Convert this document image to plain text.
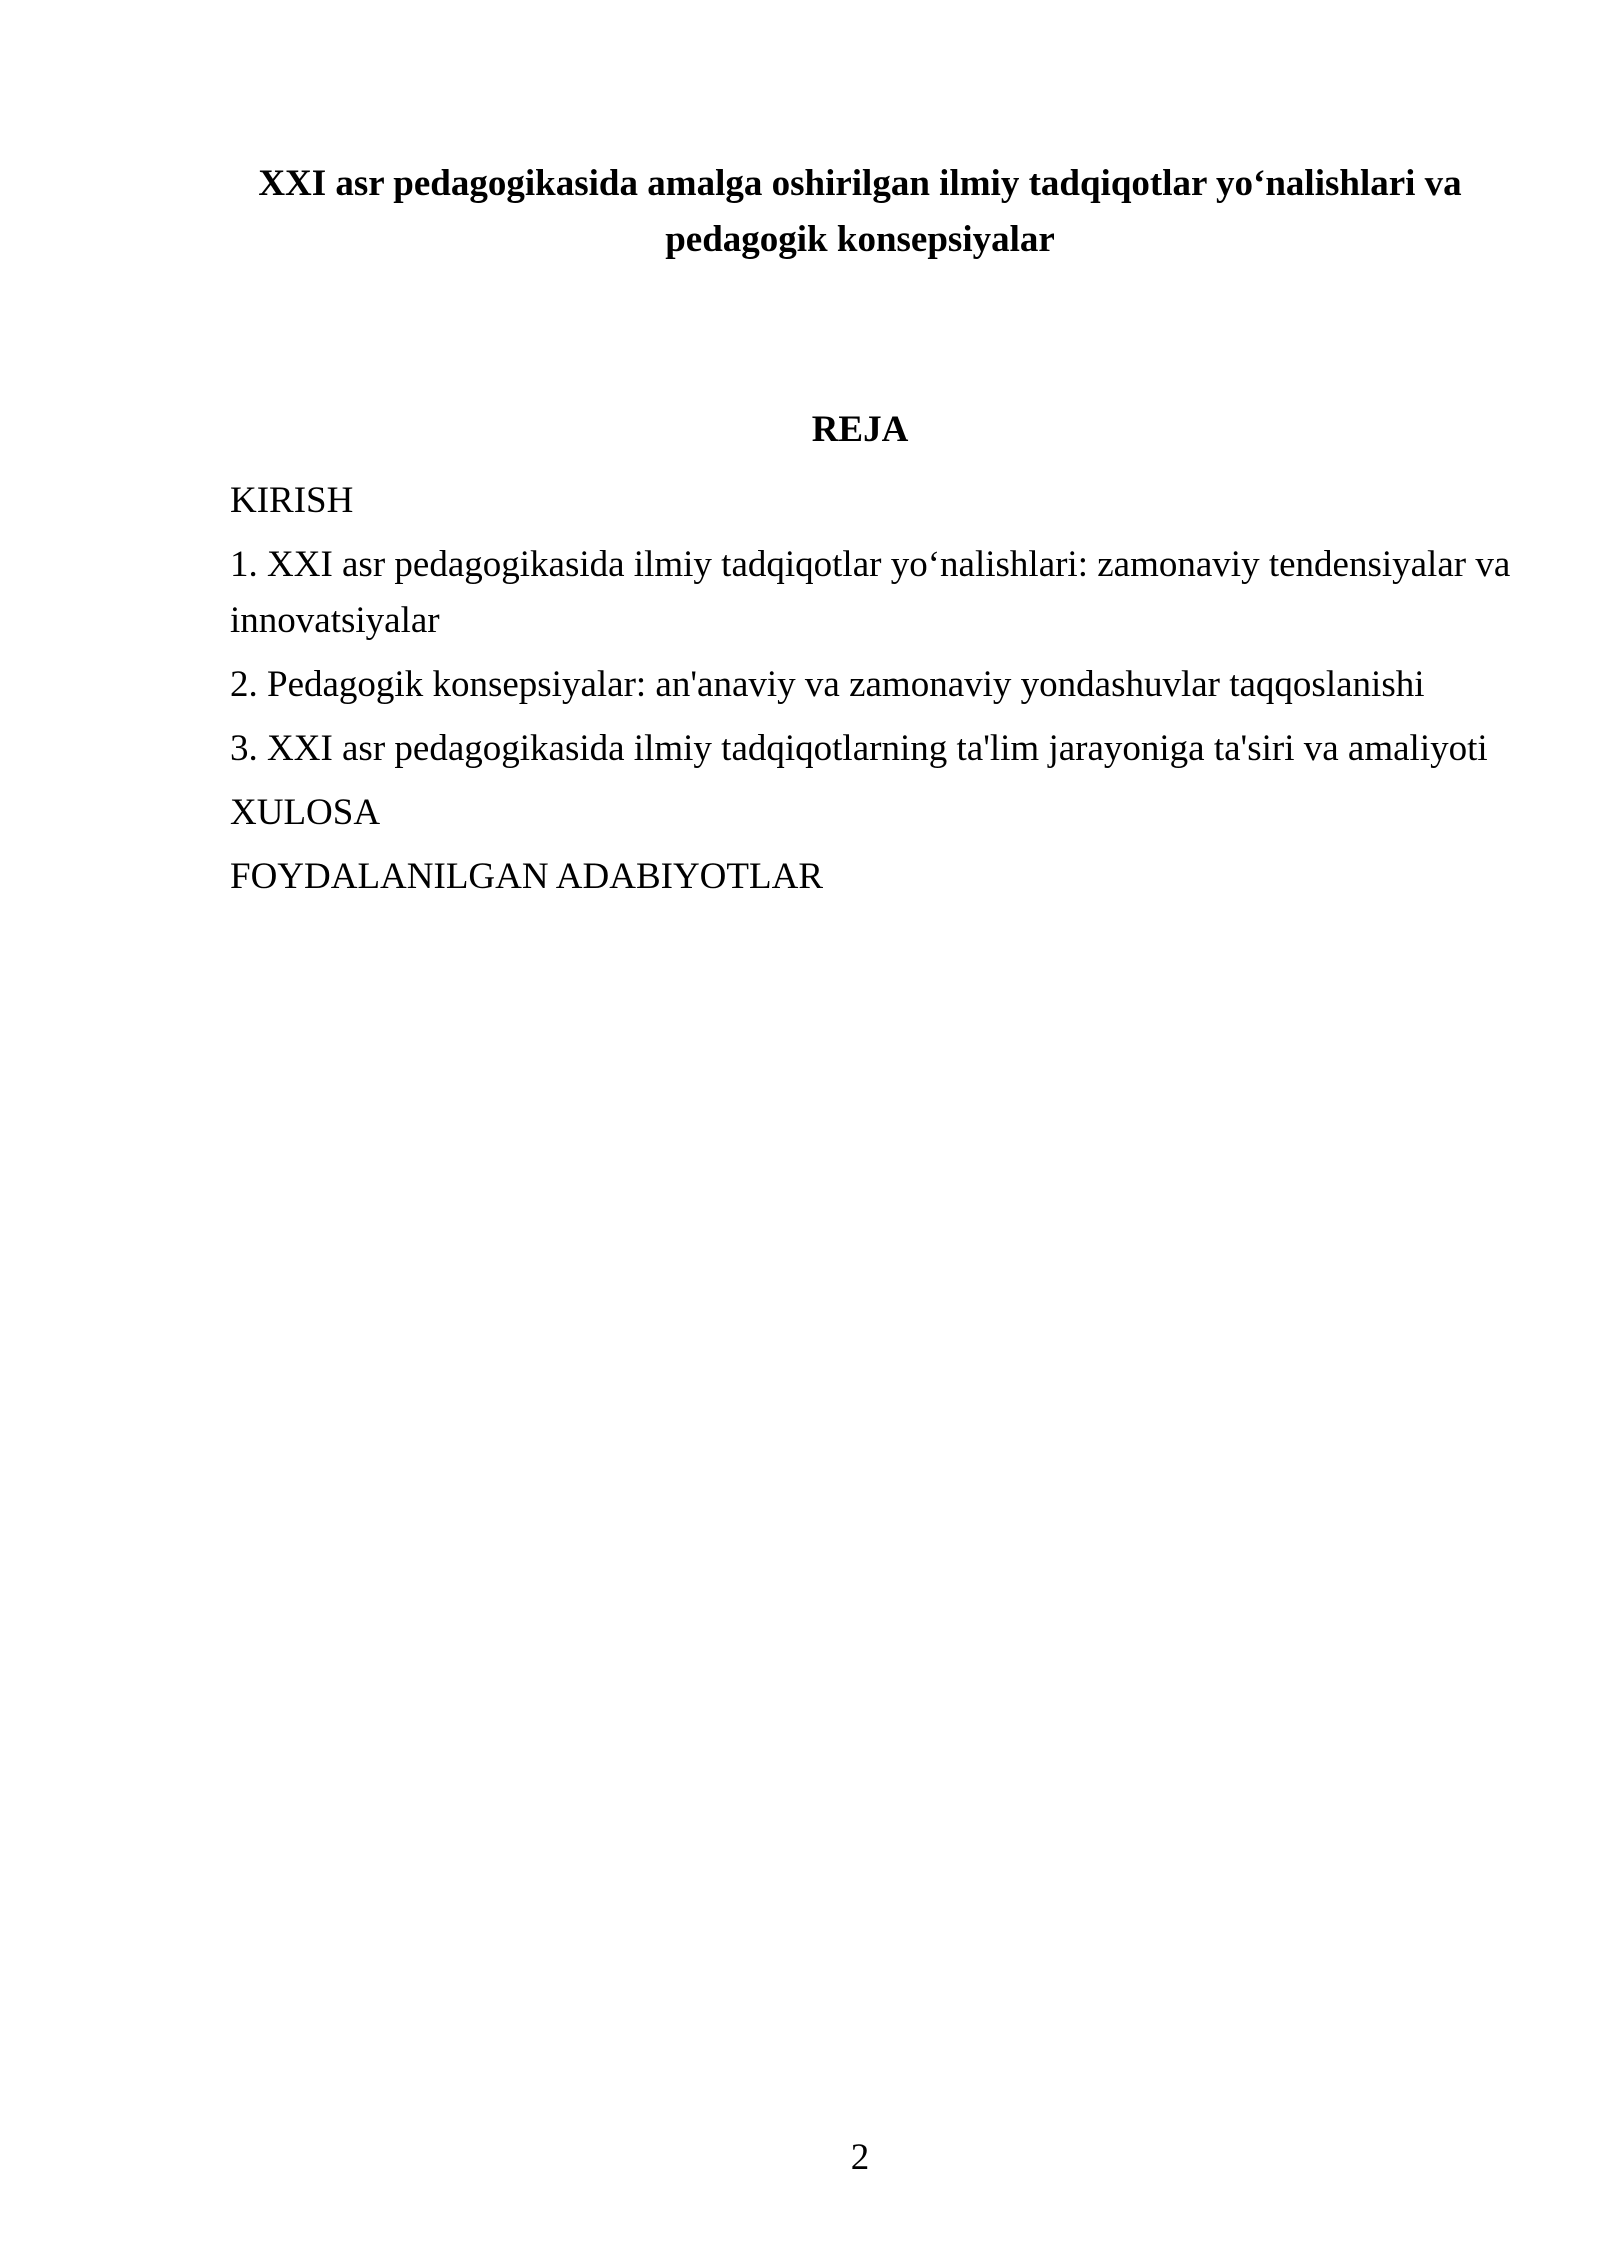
XXI asr pedagogikasida amalga oshirilgan ilmiy tadqiqotlar yo‘nalishlari va pedagogik konsepsiyalar
REJA
KIRISH
1. XXI asr pedagogikasida ilmiy tadqiqotlar yo‘nalishlari: zamonaviy tendensiyalar va innovatsiyalar
2. Pedagogik konsepsiyalar: an'anaviy va zamonaviy yondashuvlar taqqoslanishi
3. XXI asr pedagogikasida ilmiy tadqiqotlarning ta'lim jarayoniga ta'siri va amaliyoti
XULOSA
FOYDALANILGAN ADABIYOTLAR
2
